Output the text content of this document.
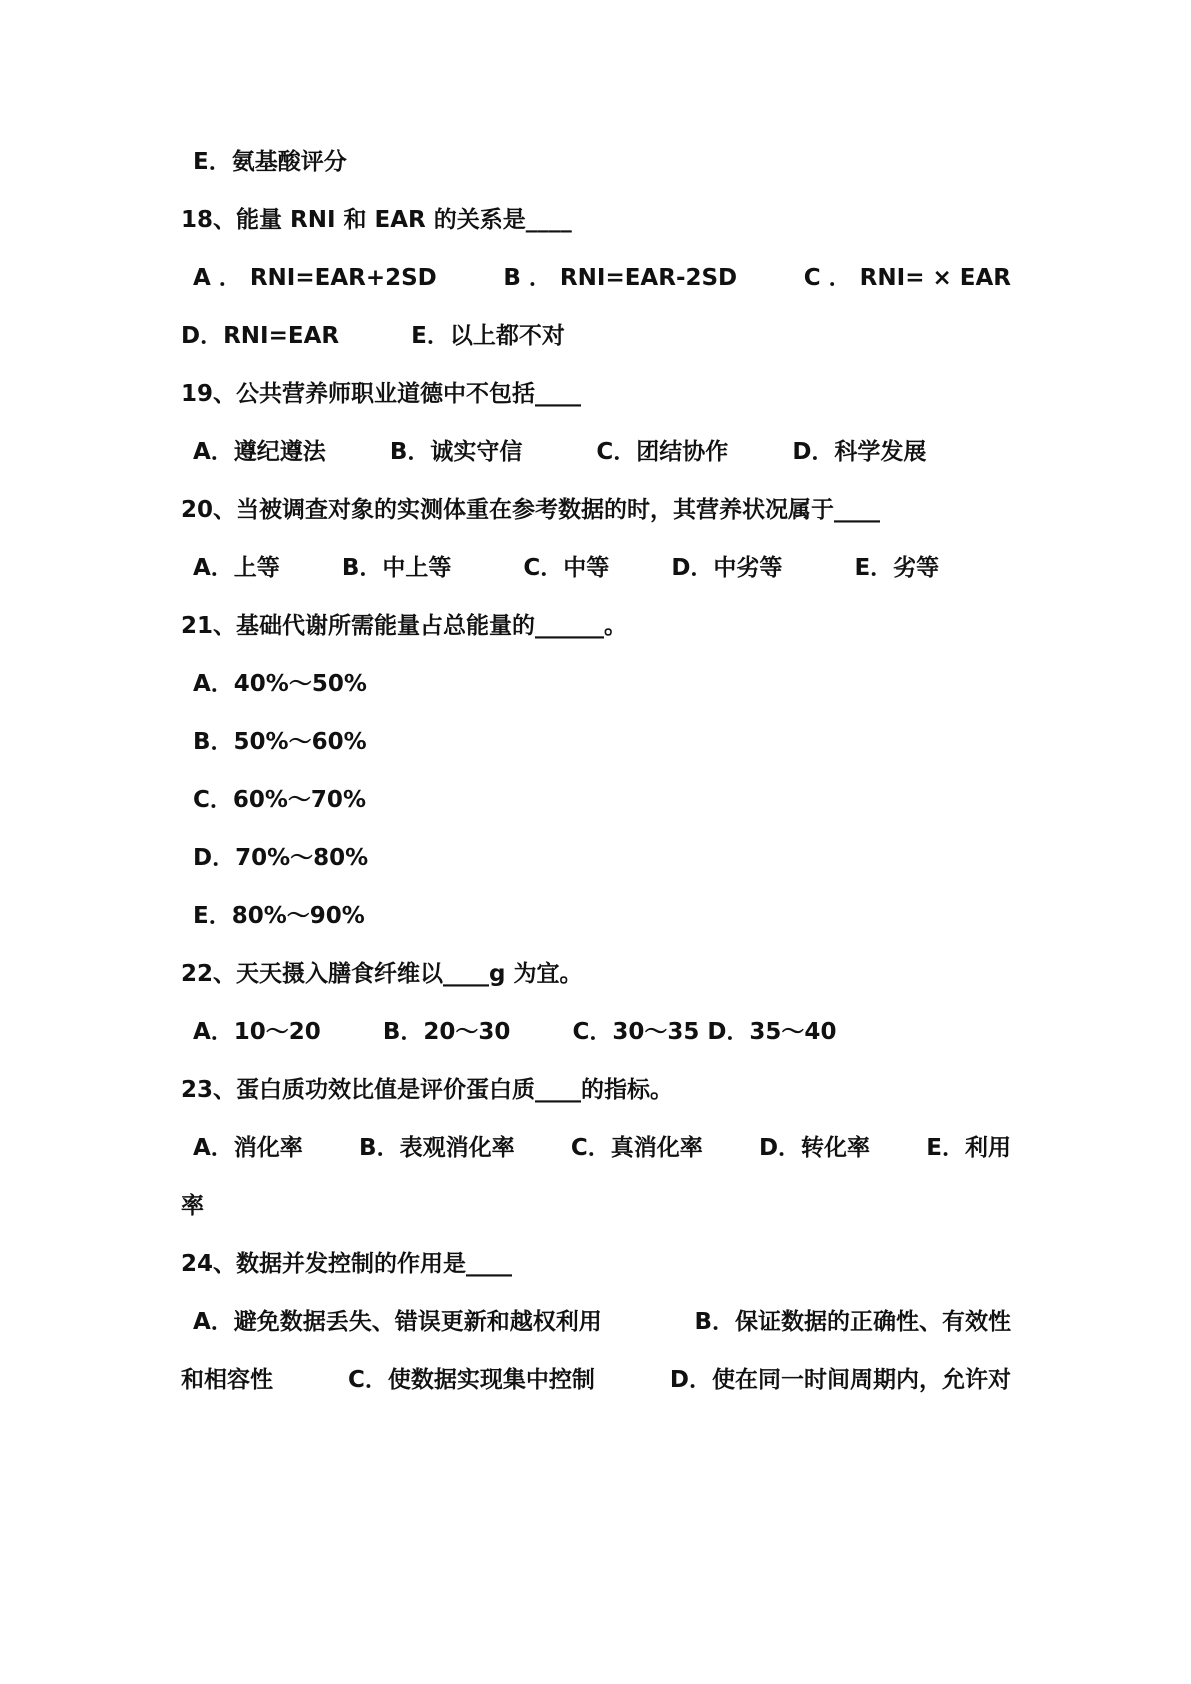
E．氨基酸评分
18、能量 RNI 和 EAR 的关系是____
A ． RNI=EAR+2SD	B ． RNI=EAR-2SD	C ． RNI= × EAR
D．RNI=EAR	E．以上都不对
19、公共营养师职业道德中不包括____
A．遵纪遵法	B．诚实守信	C．团结协作	D．科学发展
20、当被调查对象的实测体重在参考数据的时，其营养状况属于____
A．上等	B．中上等	C．中等	D．中劣等	E．劣等
21、基础代谢所需能量占总能量的______。
A．40%～50%
B．50%～60%
C．60%～70%
D．70%～80%
E．80%～90%
22、天天摄入膳食纤维以____g 为宜。
A．10～20	B．20～30	C．30～35 D．35～40
23、蛋白质功效比值是评价蛋白质____的指标。
A．消化率 B．表观消化率 C．真消化率 D．转化率 E．利用
率
24、数据并发控制的作用是____
A．避免数据丢失、错误更新和越权利用	B．保证数据的正确性、有效性
和相容性	C．使数据实现集中控制	D．使在同一时间周期内，允许对
